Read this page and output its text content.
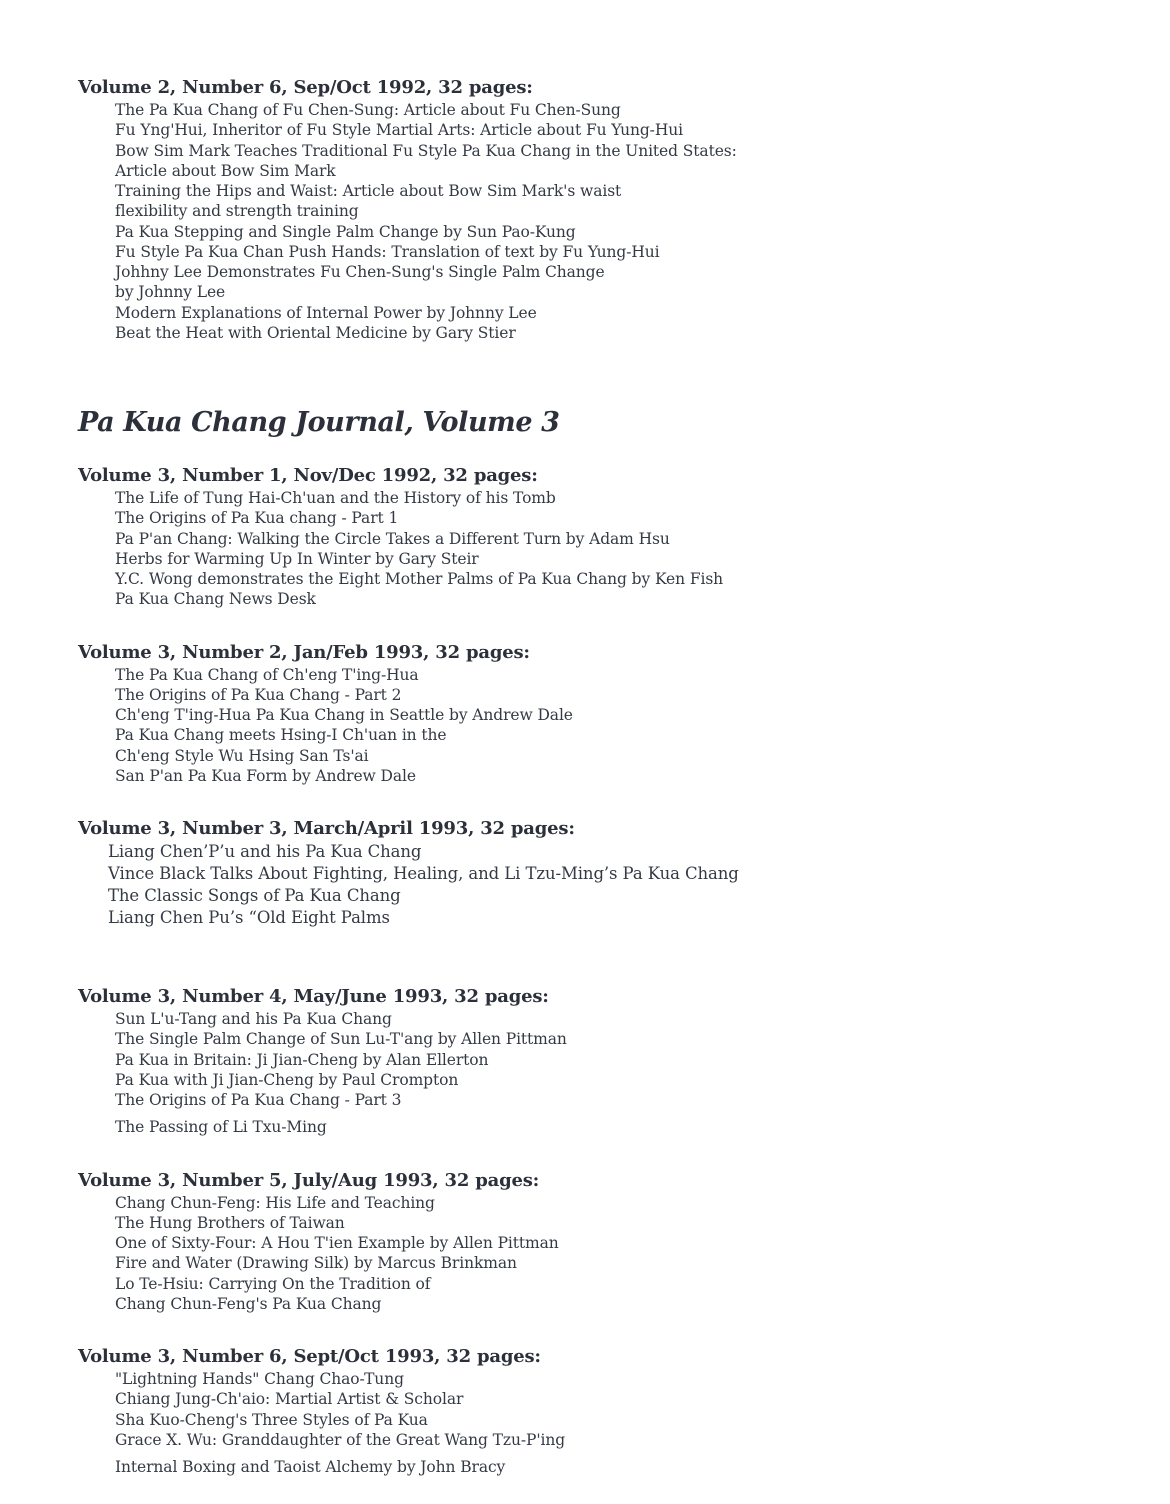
Volume 2, Number 6, Sep/Oct 1992, 32 pages:
The Pa Kua Chang of Fu Chen-Sung: Article about Fu Chen-Sung
Fu Yng'Hui, Inheritor of Fu Style Martial Arts: Article about Fu Yung-Hui
Bow Sim Mark Teaches Traditional Fu Style Pa Kua Chang in the United States:
Article about Bow Sim Mark
Training the Hips and Waist: Article about Bow Sim Mark's waist
flexibility and strength training
Pa Kua Stepping and Single Palm Change by Sun Pao-Kung
Fu Style Pa Kua Chan Push Hands: Translation of text by Fu Yung-Hui
Johhny Lee Demonstrates Fu Chen-Sung's Single Palm Change
by Johnny Lee
Modern Explanations of Internal Power by Johnny Lee
Beat the Heat with Oriental Medicine by Gary Stier
Pa Kua Chang Journal, Volume 3
Volume 3, Number 1, Nov/Dec 1992, 32 pages:
The Life of Tung Hai-Ch'uan and the History of his Tomb
The Origins of Pa Kua chang - Part 1
Pa P'an Chang: Walking the Circle Takes a Different Turn by Adam Hsu
Herbs for Warming Up In Winter by Gary Steir
Y.C. Wong demonstrates the Eight Mother Palms of Pa Kua Chang by Ken Fish
Pa Kua Chang News Desk
Volume 3, Number 2, Jan/Feb 1993, 32 pages:
The Pa Kua Chang of Ch'eng T'ing-Hua
The Origins of Pa Kua Chang - Part 2
Ch'eng T'ing-Hua Pa Kua Chang in Seattle by Andrew Dale
Pa Kua Chang meets Hsing-I Ch'uan in the
Ch'eng Style Wu Hsing San Ts'ai
San P'an Pa Kua Form by Andrew Dale
Volume 3, Number 3, March/April 1993, 32 pages:
Liang Chen’P’u and his Pa Kua Chang
Vince Black Talks About Fighting, Healing, and Li Tzu-Ming’s Pa Kua Chang
The Classic Songs of Pa Kua Chang
Liang Chen Pu’s “Old Eight Palms
Volume 3, Number 4, May/June 1993, 32 pages:
Sun L'u-Tang and his Pa Kua Chang
The Single Palm Change of Sun Lu-T'ang by Allen Pittman
Pa Kua in Britain: Ji Jian-Cheng by Alan Ellerton
Pa Kua with Ji Jian-Cheng by Paul Crompton
The Origins of Pa Kua Chang - Part 3
The Passing of Li Txu-Ming
Volume 3, Number 5, July/Aug 1993, 32 pages:
Chang Chun-Feng: His Life and Teaching
The Hung Brothers of Taiwan
One of Sixty-Four: A Hou T'ien Example by Allen Pittman
Fire and Water (Drawing Silk) by Marcus Brinkman
Lo Te-Hsiu: Carrying On the Tradition of
Chang Chun-Feng's Pa Kua Chang
Volume 3, Number 6, Sept/Oct 1993, 32 pages:
"Lightning Hands" Chang Chao-Tung
Chiang Jung-Ch'aio: Martial Artist & Scholar
Sha Kuo-Cheng's Three Styles of Pa Kua
Grace X. Wu: Granddaughter of the Great Wang Tzu-P'ing
Internal Boxing and Taoist Alchemy by John Bracy
